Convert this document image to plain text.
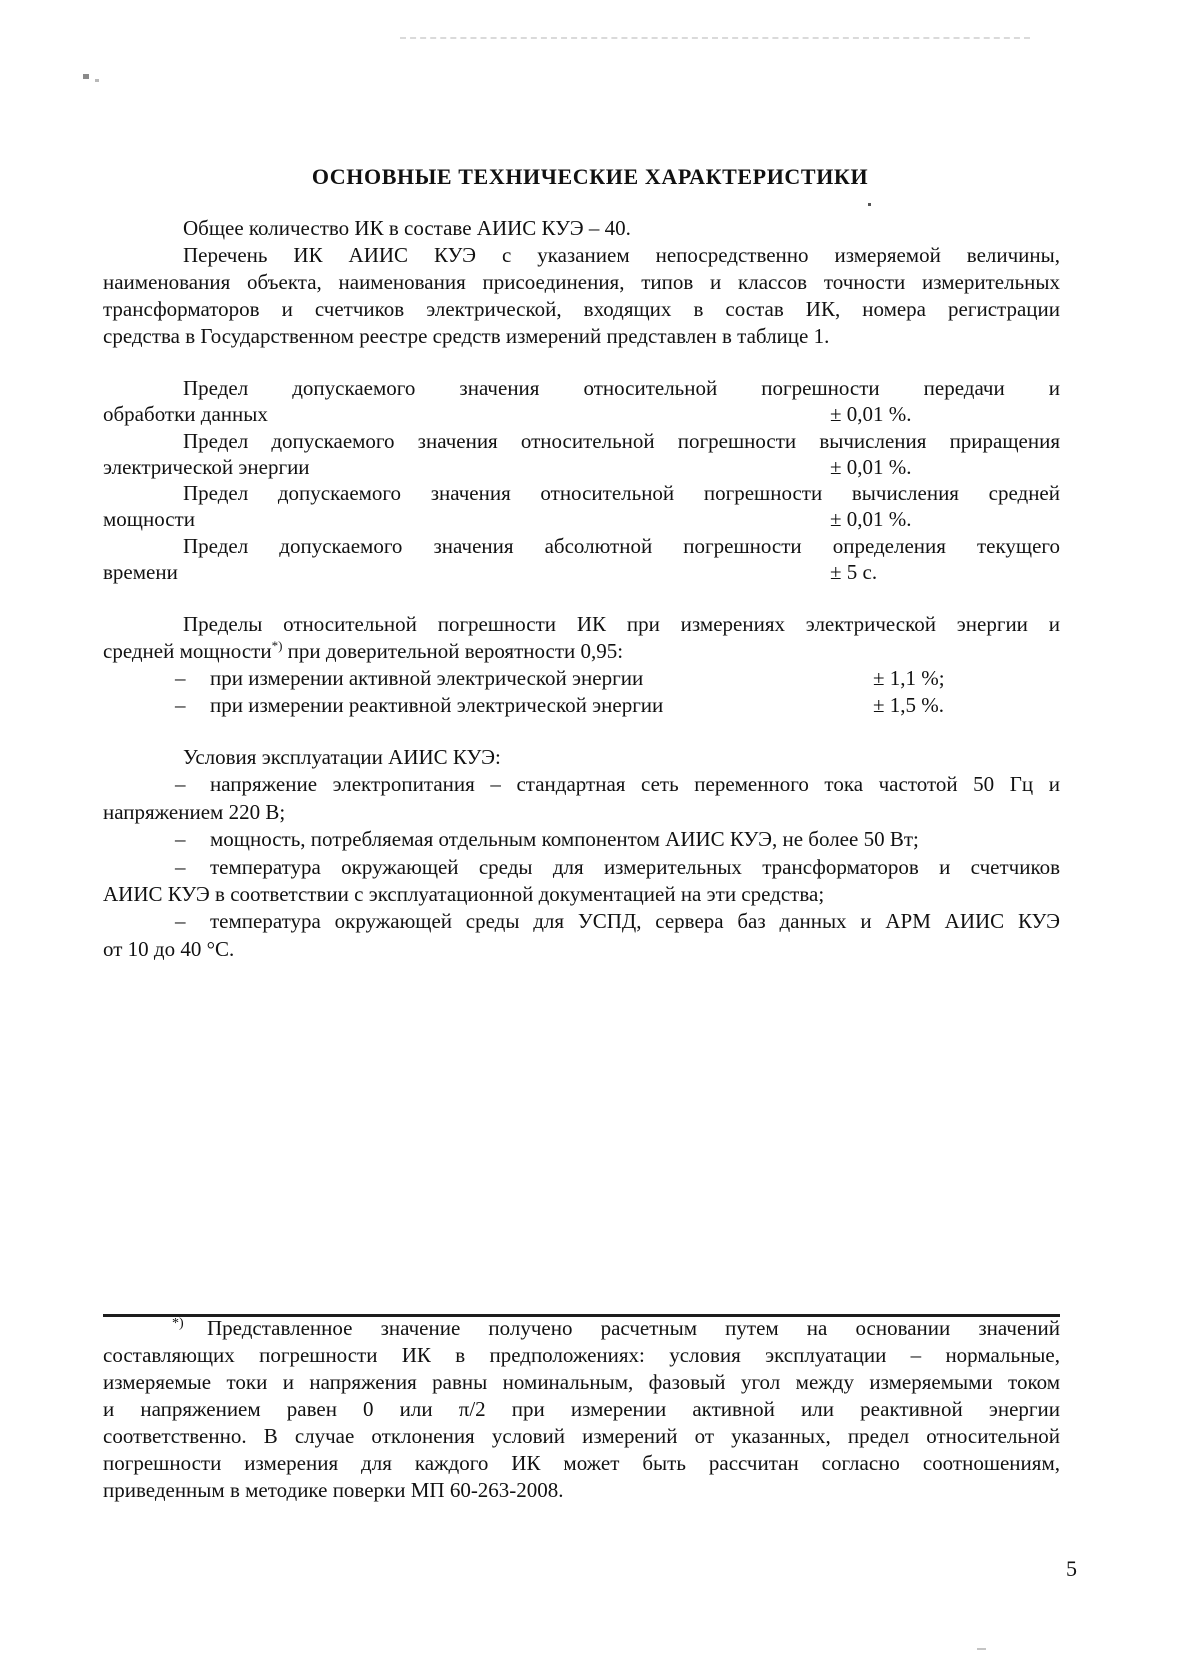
ОСНОВНЫЕ ТЕХНИЧЕСКИЕ ХАРАКТЕРИСТИКИ
Общее количество ИК в составе АИИС КУЭ – 40.
Перечень ИК АИИС КУЭ с указанием непосредственно измеряемой величины,
наименования объекта, наименования присоединения, типов и классов точности измерительных
трансформаторов и счетчиков электрической, входящих в состав ИК, номера регистрации
средства в Государственном реестре средств измерений представлен в таблице 1.
Предел допускаемого значения относительной погрешности передачи и
обработки данных	± 0,01 %.
Предел допускаемого значения относительной погрешности вычисления приращения
электрической энергии	± 0,01 %.
Предел допускаемого значения относительной погрешности вычисления средней
мощности	± 0,01 %.
Предел допускаемого значения абсолютной погрешности определения текущего
времени	± 5 с.
Пределы относительной погрешности ИК при измерениях электрической энергии и
средней мощности*) при доверительной вероятности 0,95:
– при измерении активной электрической энергии	± 1,1 %;
– при измерении реактивной электрической энергии	± 1,5 %.
Условия эксплуатации АИИС КУЭ:
– напряжение электропитания – стандартная сеть переменного тока частотой 50 Гц и
напряжением 220 В;
– мощность, потребляемая отдельным компонентом АИИС КУЭ, не более 50 Вт;
– температура окружающей среды для измерительных трансформаторов и счетчиков
АИИС КУЭ в соответствии с эксплуатационной документацией на эти средства;
– температура окружающей среды для УСПД, сервера баз данных и АРМ АИИС КУЭ
от 10 до 40 °С.
*) Представленное значение получено расчетным путем на основании значений
составляющих погрешности ИК в предположениях: условия эксплуатации – нормальные,
измеряемые токи и напряжения равны номинальным, фазовый угол между измеряемыми током
и напряжением равен 0 или π/2 при измерении активной или реактивной энергии
соответственно. В случае отклонения условий измерений от указанных, предел относительной
погрешности измерения для каждого ИК может быть рассчитан согласно соотношениям,
приведенным в методике поверки МП 60-263-2008.
5
